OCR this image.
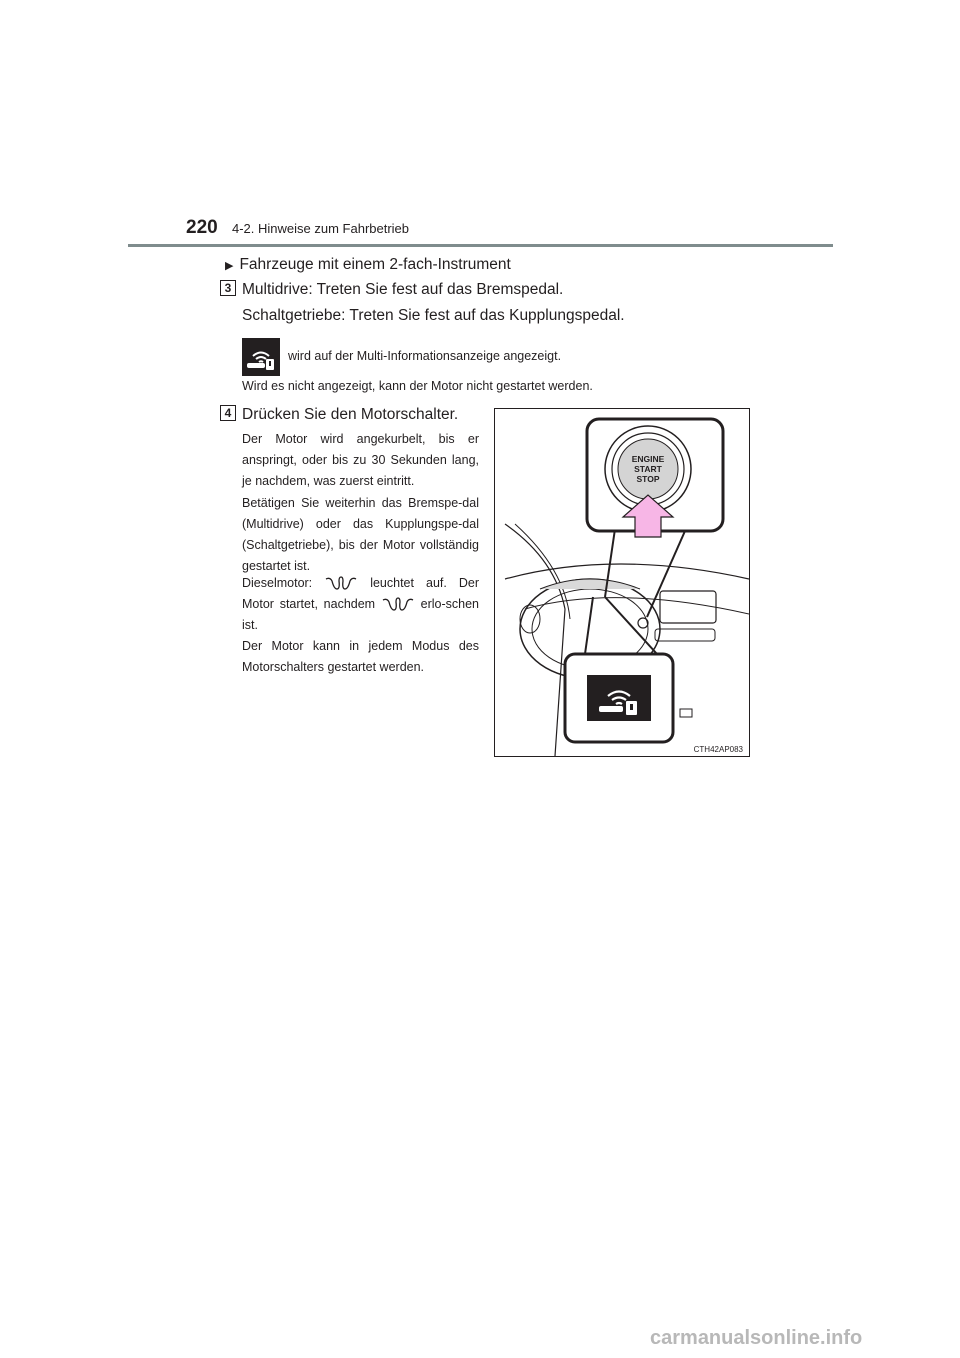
220 4-2. Hinweise zum Fahrbetrieb
▶ Fahrzeuge mit einem 2-fach-Instrument
3 Multidrive: Treten Sie fest auf das Bremspedal.
Schaltgetriebe: Treten Sie fest auf das Kupplungspedal.
wird auf der Multi-Informationsanzeige angezeigt.
Wird es nicht angezeigt, kann der Motor nicht gestartet werden.
4 Drücken Sie den Motorschalter.
Der Motor wird angekurbelt, bis er anspringt, oder bis zu 30 Sekunden lang, je nachdem, was zuerst eintritt.
Betätigen Sie weiterhin das Bremspe-dal (Multidrive) oder das Kupplungspe-dal (Schaltgetriebe), bis der Motor vollständig gestartet ist.
Dieselmotor:	leuchtet auf. Der Motor startet, nachdem	erlo-schen ist.
Der Motor kann in jedem Modus des Motorschalters gestartet werden.
ENGINE
START
STOP
CTH42AP083
carmanualsonline.info
